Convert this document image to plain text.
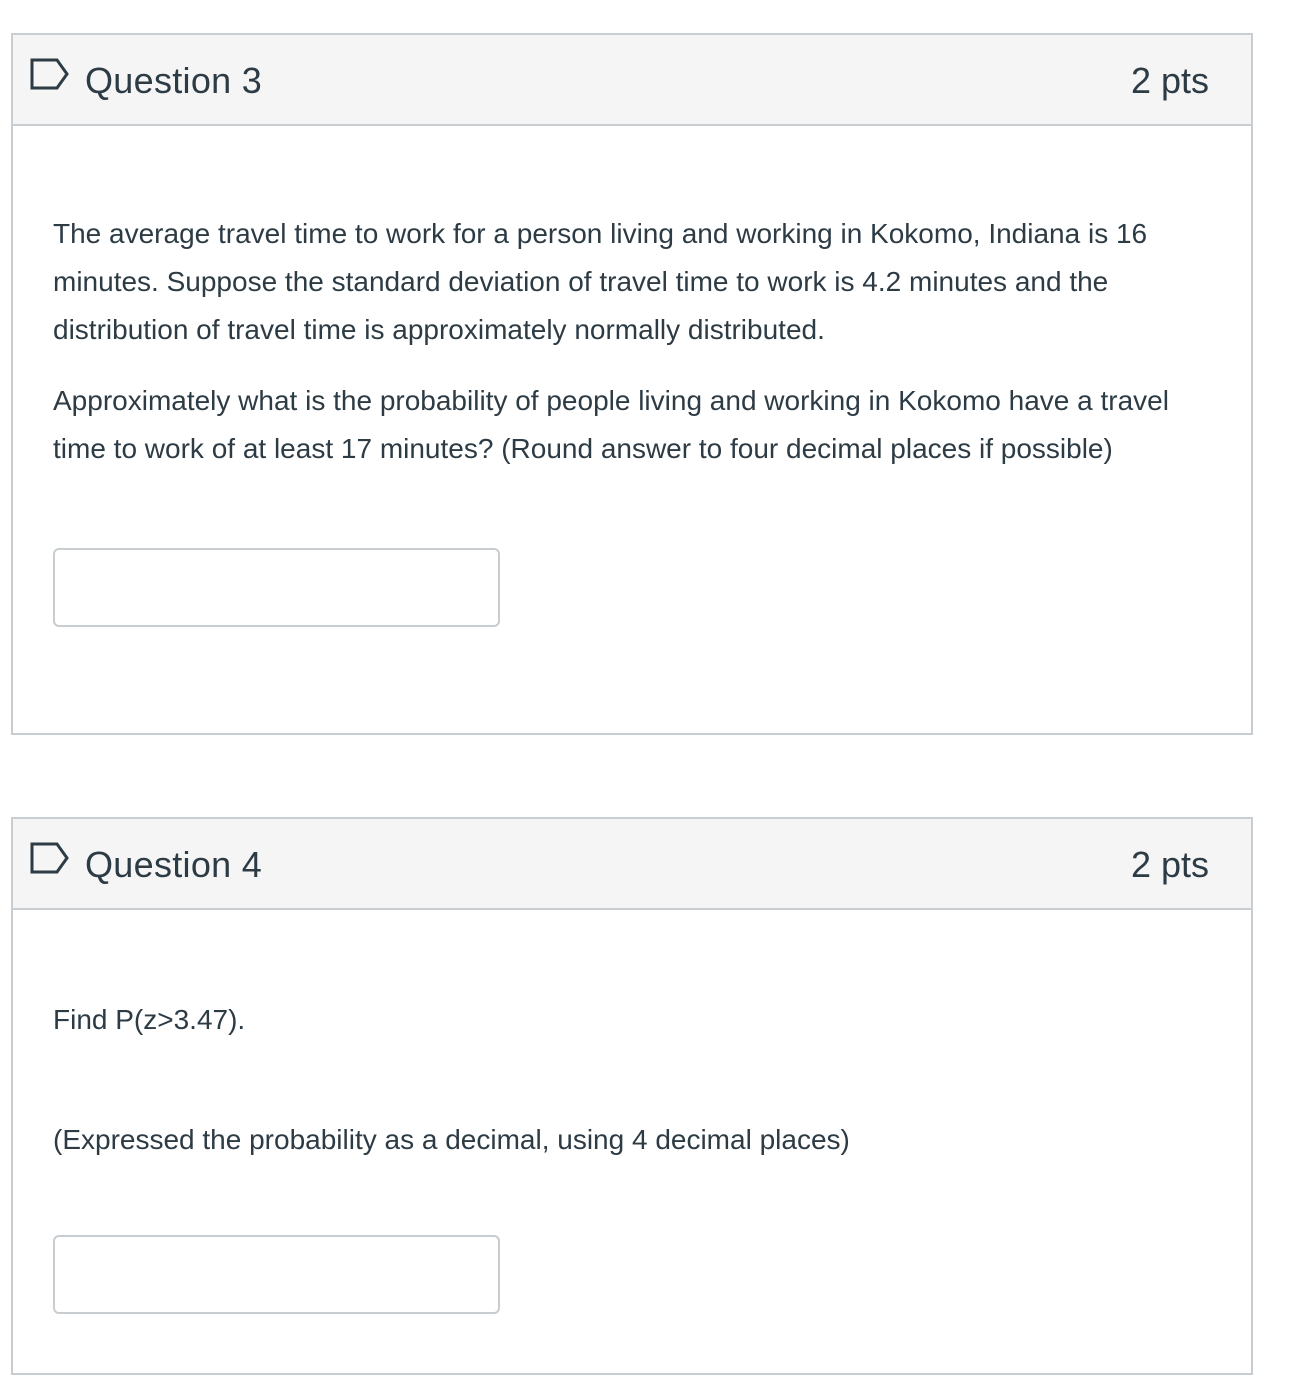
Question 3	2 pts

The average travel time to work for a person living and working in Kokomo, Indiana is 16 minutes. Suppose the standard deviation of travel time to work is 4.2 minutes and the distribution of travel time is approximately normally distributed.

Approximately what is the probability of people living and working in Kokomo have a travel time to work of at least 17 minutes? (Round answer to four decimal places if possible)

Question 4	2 pts

Find P(z>3.47).

(Expressed the probability as a decimal, using 4 decimal places)
